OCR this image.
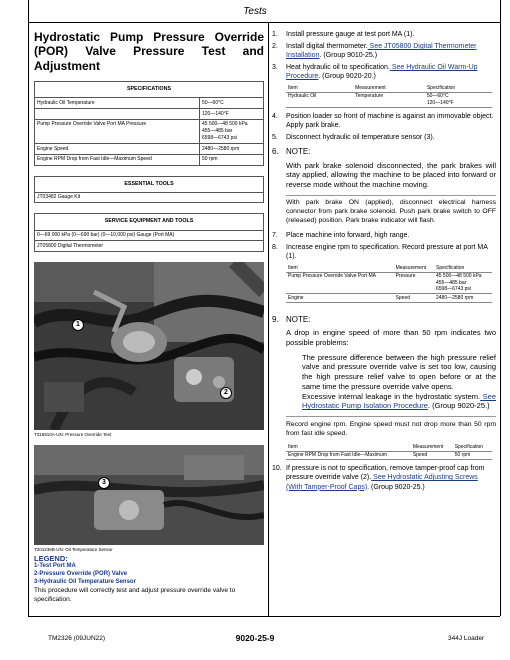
Tests
Hydrostatic Pump Pressure Override (POR) Valve Pressure Test and Adjustment
SPECIFICATIONS	
Hydraulic Oil Temperature	50—60°C

	120—140°F
Pump Pressure Override Valve Port MA Pressure	45 500—48 500 kPa
455—485 bar
6598—6743 psi

Engine Speed	2480—2580 rpm
Engine RPM Drop from Fast Idle—Maximum Speed	50 rpm
ESSENTIAL TOOLS
JT03482 Gauge Kit
SERVICE EQUIPMENT AND TOOLS
0—69 000 kPa (0—690 bar) (0—10,000 psi) Gauge (Port MA)
JT05800 Digital Thermometer
1
2
T316910A-UN: Pressure Override Test
3
T201236B-UN: Oil Temperature Sensor
LEGEND:
1-Test Port MA
2-Pressure Override (POR) Valve
3-Hydraulic Oil Temperature Sensor
This procedure will correctly test and adjust pressure override valve to specification.
1.	Install pressure gauge at test port MA (1).
2.	Install digital thermometer. See JT05800 Digital Thermometer Installation. (Group 9010-25.)
3.	Heat hydraulic oil to specification. See Hydraulic Oil Warm-Up Procedure. (Group 9020-20.)
Item	Measurement	Specification
Hydraulic Oil	Temperature	50—60°C
120—140°F
4.	Position loader so front of machine is against an immovable object. Apply park brake.
5.	Disconnect hydraulic oil temperature sensor (3).
6. NOTE:
With park brake solenoid disconnected, the park brakes will stay applied, allowing the machine to be placed into forward or reverse mode without the machine moving.
With park brake ON (applied), disconnect electrical harness connector from park brake solenoid. Push park brake switch to OFF (released) position. Park brake indicator will flash.
7.	Place machine into forward, high range.
8.	Increase engine rpm to specification. Record pressure at port MA (1).
Item	Measurement	Specification
Pump Pressure Override Valve Port MA	Pressure	45 500—48 500 kPa
455—485 bar
6598—6743 psi

Engine	Speed	2480—2580 rpm
9. NOTE:
A drop in engine speed of more than 50 rpm indicates two possible problems:
The pressure difference between the high pressure relief valve and pressure override valve is set too low, causing the high pressure relief valve to open before or at the same time the pressure override valve opens.
Excessive internal leakage in the hydrostatic system. See Hydrostatic Pump Isolation Procedure. (Group 9020-25.)
Record engine rpm. Engine speed must not drop more than 50 rpm from fast idle speed.
Item	Measurement	Specification
Engine RPM Drop from Fast Idle—Maximum	Speed	50 rpm
10. If pressure is not to specification, remove tamper-proof cap from pressure override valve (2). See Hydrostatic Adjusting Screws (With Tamper-Proof Caps). (Group 9020-25.)
TM2326 (09JUN22)	9020-25-9	344J Loader
